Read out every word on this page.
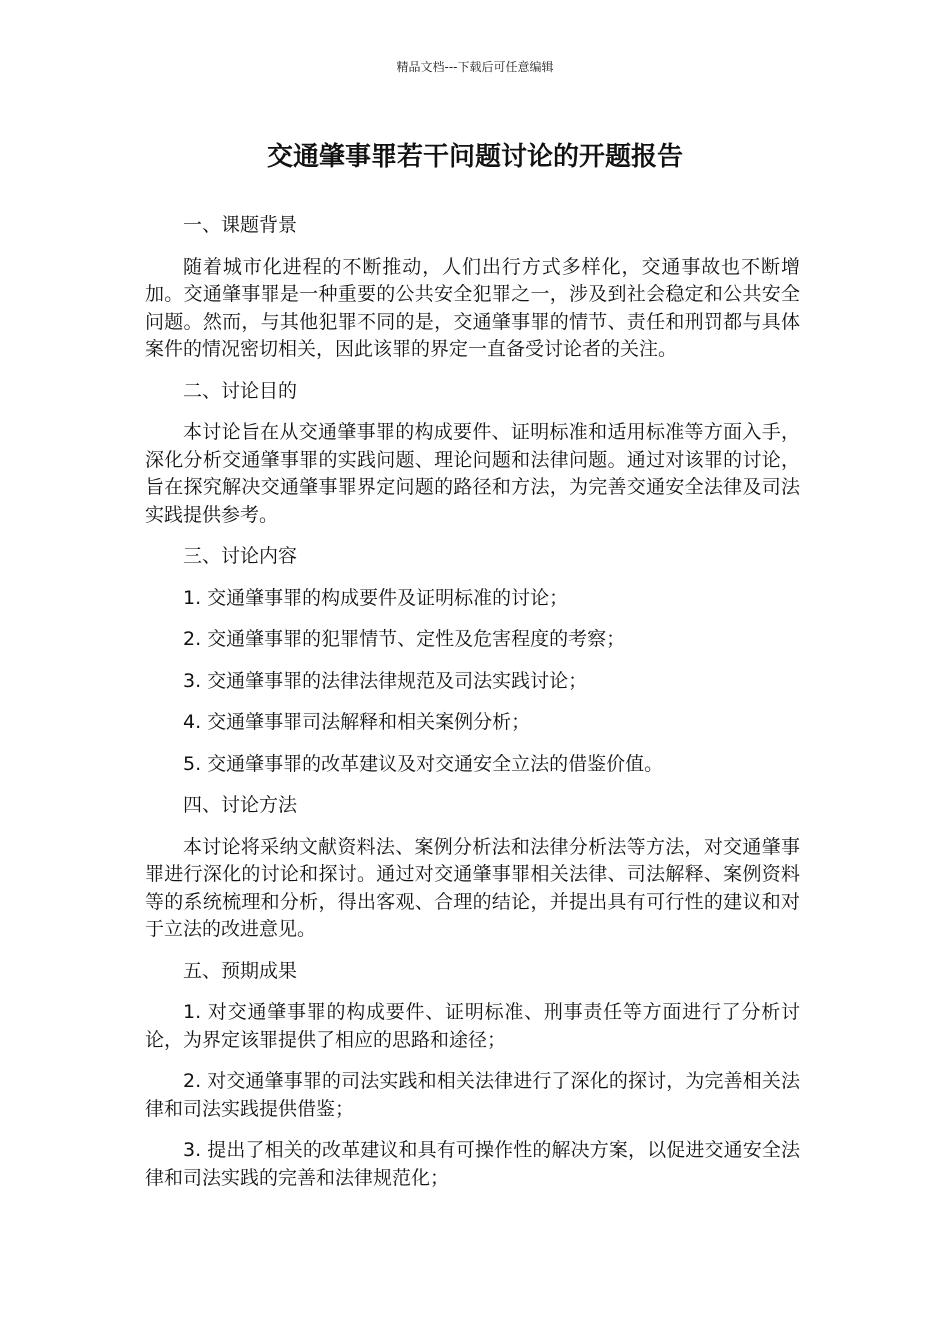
精品文档---下载后可任意编辑
交通肇事罪若干问题讨论的开题报告

一、课题背景

随着城市化进程的不断推动，人们出行方式多样化，交通事故也不断增加。交通肇事罪是一种重要的公共安全犯罪之一，涉及到社会稳定和公共安全问题。然而，与其他犯罪不同的是，交通肇事罪的情节、责任和刑罚都与具体案件的情况密切相关，因此该罪的界定一直备受讨论者的关注。

二、讨论目的

本讨论旨在从交通肇事罪的构成要件、证明标准和适用标准等方面入手，深化分析交通肇事罪的实践问题、理论问题和法律问题。通过对该罪的讨论，旨在探究解决交通肇事罪界定问题的路径和方法，为完善交通安全法律及司法实践提供参考。

三、讨论内容

1. 交通肇事罪的构成要件及证明标准的讨论；

2. 交通肇事罪的犯罪情节、定性及危害程度的考察；

3. 交通肇事罪的法律法律规范及司法实践讨论；

4. 交通肇事罪司法解释和相关案例分析；

5. 交通肇事罪的改革建议及对交通安全立法的借鉴价值。

四、讨论方法

本讨论将采纳文献资料法、案例分析法和法律分析法等方法，对交通肇事罪进行深化的讨论和探讨。通过对交通肇事罪相关法律、司法解释、案例资料等的系统梳理和分析，得出客观、合理的结论，并提出具有可行性的建议和对于立法的改进意见。

五、预期成果

1. 对交通肇事罪的构成要件、证明标准、刑事责任等方面进行了分析讨论，为界定该罪提供了相应的思路和途径；

2. 对交通肇事罪的司法实践和相关法律进行了深化的探讨，为完善相关法律和司法实践提供借鉴；

3. 提出了相关的改革建议和具有可操作性的解决方案，以促进交通安全法律和司法实践的完善和法律规范化；
